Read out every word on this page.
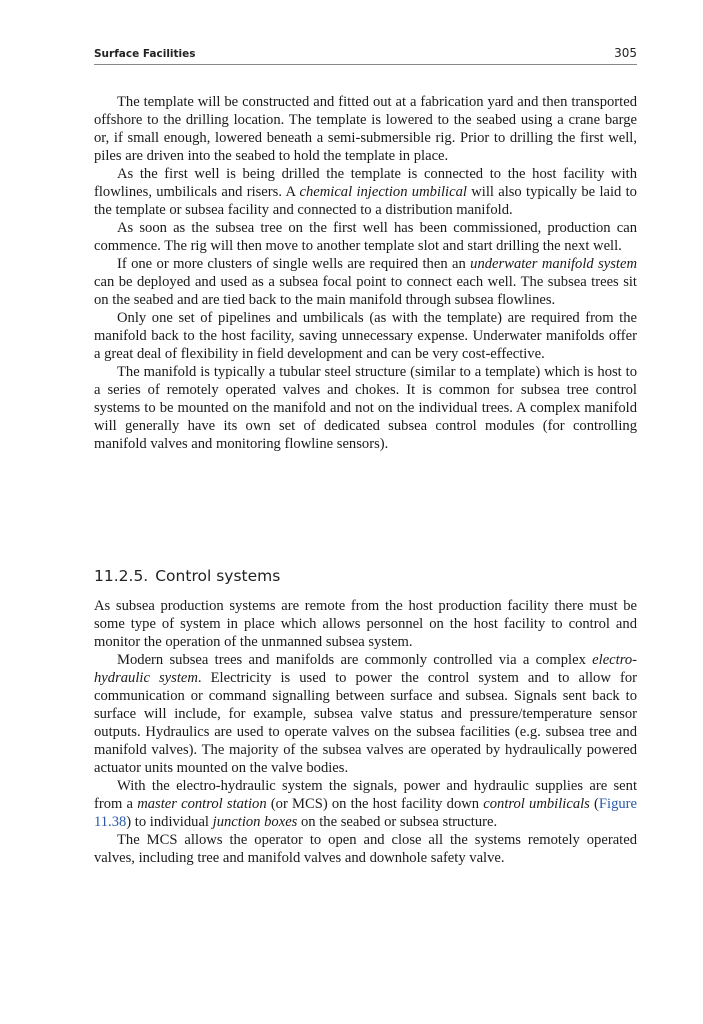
Surface Facilities	305

The template will be constructed and fitted out at a fabrication yard and then transported offshore to the drilling location. The template is lowered to the seabed using a crane barge or, if small enough, lowered beneath a semi-submersible rig. Prior to drilling the first well, piles are driven into the seabed to hold the template in place.

As the first well is being drilled the template is connected to the host facility with flowlines, umbilicals and risers. A chemical injection umbilical will also typically be laid to the template or subsea facility and connected to a distribution manifold.

As soon as the subsea tree on the first well has been commissioned, production can commence. The rig will then move to another template slot and start drilling the next well.

If one or more clusters of single wells are required then an underwater manifold system can be deployed and used as a subsea focal point to connect each well. The subsea trees sit on the seabed and are tied back to the main manifold through subsea flowlines.

Only one set of pipelines and umbilicals (as with the template) are required from the manifold back to the host facility, saving unnecessary expense. Underwater manifolds offer a great deal of flexibility in field development and can be very cost-effective.

The manifold is typically a tubular steel structure (similar to a template) which is host to a series of remotely operated valves and chokes. It is common for subsea tree control systems to be mounted on the manifold and not on the individual trees. A complex manifold will generally have its own set of dedicated subsea control modules (for controlling manifold valves and monitoring flowline sensors).

11.2.5. Control systems

As subsea production systems are remote from the host production facility there must be some type of system in place which allows personnel on the host facility to control and monitor the operation of the unmanned subsea system.

Modern subsea trees and manifolds are commonly controlled via a complex electro-hydraulic system. Electricity is used to power the control system and to allow for communication or command signalling between surface and subsea. Signals sent back to surface will include, for example, subsea valve status and pressure/temperature sensor outputs. Hydraulics are used to operate valves on the subsea facilities (e.g. subsea tree and manifold valves). The majority of the subsea valves are operated by hydraulically powered actuator units mounted on the valve bodies.

With the electro-hydraulic system the signals, power and hydraulic supplies are sent from a master control station (or MCS) on the host facility down control umbilicals (Figure 11.38) to individual junction boxes on the seabed or subsea structure.

The MCS allows the operator to open and close all the systems remotely operated valves, including tree and manifold valves and downhole safety valve.
